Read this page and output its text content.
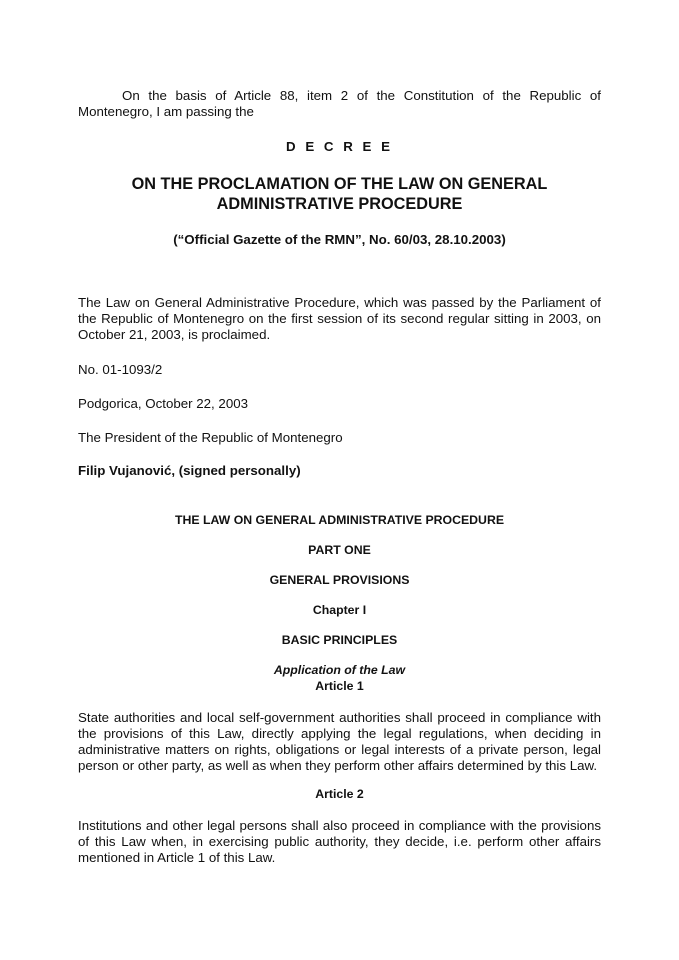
On the basis of Article 88, item 2 of the Constitution of the Republic of Montenegro, I am passing the

D E C R E E

ON THE PROCLAMATION OF THE LAW ON GENERAL ADMINISTRATIVE PROCEDURE

(“Official Gazette of the RMN”, No. 60/03, 28.10.2003)

The Law on General Administrative Procedure, which was passed by the Parliament of the Republic of Montenegro on the first session of its second regular sitting in 2003, on October 21, 2003, is proclaimed.

No. 01-1093/2

Podgorica, October 22, 2003

The President of the Republic of Montenegro

Filip Vujanović, (signed personally)

THE LAW ON GENERAL ADMINISTRATIVE PROCEDURE

PART ONE

GENERAL PROVISIONS

Chapter I

BASIC PRINCIPLES

Application of the Law

Article 1

State authorities and local self-government authorities shall proceed in compliance with the provisions of this Law, directly applying the legal regulations, when deciding in administrative matters on rights, obligations or legal interests of a private person, legal person or other party, as well as when they perform other affairs determined by this Law.

Article 2

Institutions and other legal persons shall also proceed in compliance with the provisions of this Law when, in exercising public authority, they decide, i.e. perform other affairs mentioned in Article 1 of this Law.
